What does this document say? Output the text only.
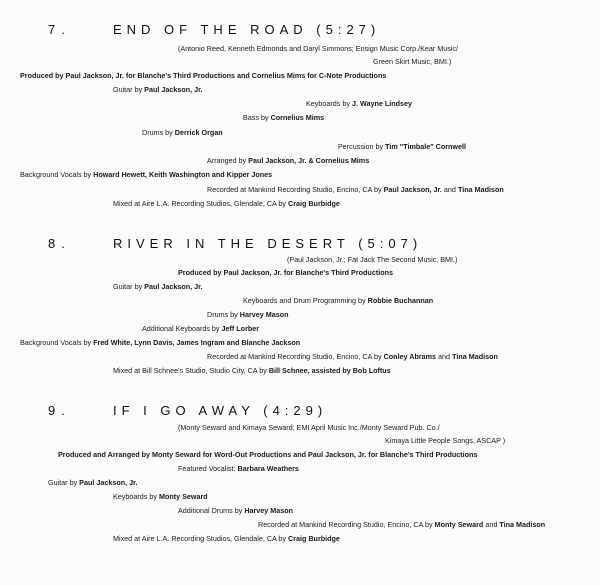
7.	END OF THE ROAD (5:27)
(Antonio Reed, Kenneth Edmonds and Daryl Simmons; Ensign Music Corp./Kear Music/
Green Skirt Music, BMI.)
Produced by Paul Jackson, Jr. for Blanche's Third Productions and Cornelius Mims for C-Note Productions
Guitar by Paul Jackson, Jr.
Keyboards by J. Wayne Lindsey
Bass by Cornelius Mims
Drums by Derrick Organ
Percussion by Tim "Timbale" Cornwell
Arranged by Paul Jackson, Jr. & Cornelius Mims
Background Vocals by Howard Hewett, Keith Washington and Kipper Jones
Recorded at Mankind Recording Studio, Encino, CA by Paul Jackson, Jr. and Tina Madison
Mixed at Aire L.A. Recording Studios, Glendale, CA by Craig Burbidge
8.	RIVER IN THE DESERT (5:07)
(Paul Jackson, Jr.; Fat Jack The Second Music, BMI.)
Produced by Paul Jackson, Jr. for Blanche's Third Productions
Guitar by Paul Jackson, Jr.
Keyboards and Drum Programming by Robbie Buchannan
Drums by Harvey Mason
Additional Keyboards by Jeff Lorber
Background Vocals by Fred White, Lynn Davis, James Ingram and Blanche Jackson
Recorded at Mankind Recording Studio, Encino, CA by Conley Abrams and Tina Madison
Mixed at Bill Schnee's Studio, Studio City, CA by Bill Schnee, assisted by Bob Loftus
9.	IF I GO AWAY (4:29)
(Monty Seward and Kimaya Seward; EMI April Music Inc./Monty Seward Pub. Co./
Kimaya Little People Songs, ASCAP )
Produced and Arranged by Monty Seward for Word-Out Productions and Paul Jackson, Jr. for Blanche's Third Productions
Featured Vocalist: Barbara Weathers
Guitar by Paul Jackson, Jr.
Keyboards by Monty Seward
Additional Drums by Harvey Mason
Recorded at Mankind Recording Studio, Encino, CA by Monty Seward and Tina Madison
Mixed at Aire L.A. Recording Studios, Glendale, CA by Craig Burbidge
